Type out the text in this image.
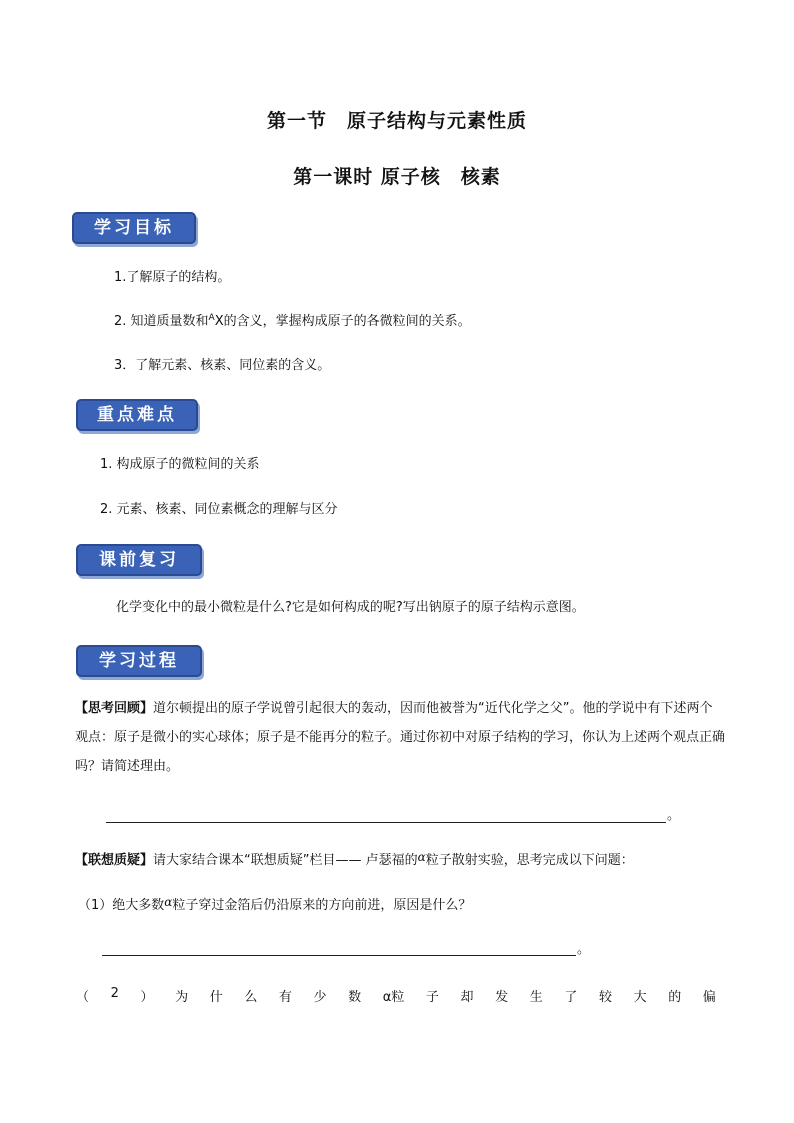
第一节　原子结构与元素性质
第一课时 原子核　核素
学习目标
1.了解原子的结构。
2. 知道质量数和$^A$X的含义，掌握构成原子的各微粒间的关系。
3．了解元素、核素、同位素的含义。
重点难点
1. 构成原子的微粒间的关系
2. 元素、核素、同位素概念的理解与区分
课前复习
化学变化中的最小微粒是什么?它是如何构成的呢?写出钠原子的原子结构示意图。
学习过程
【思考回顾】道尔顿提出的原子学说曾引起很大的轰动，因而他被誉为“近代化学之父”。他的学说中有下述两个观点：原子是微小的实心球体；原子是不能再分的粒子。通过你初中对原子结构的学习，你认为上述两个观点正确吗？请简述理由。
。
【联想质疑】请大家结合课本“联想质疑”栏目—— 卢瑟福的α粒子散射实验，思考完成以下问题：
（1）绝大多数α粒子穿过金箔后仍沿原来的方向前进，原因是什么？
。
（ 2 ） 为 什 么 有 少 数 α粒 子 却 发 生 了 较 大 的 偏
